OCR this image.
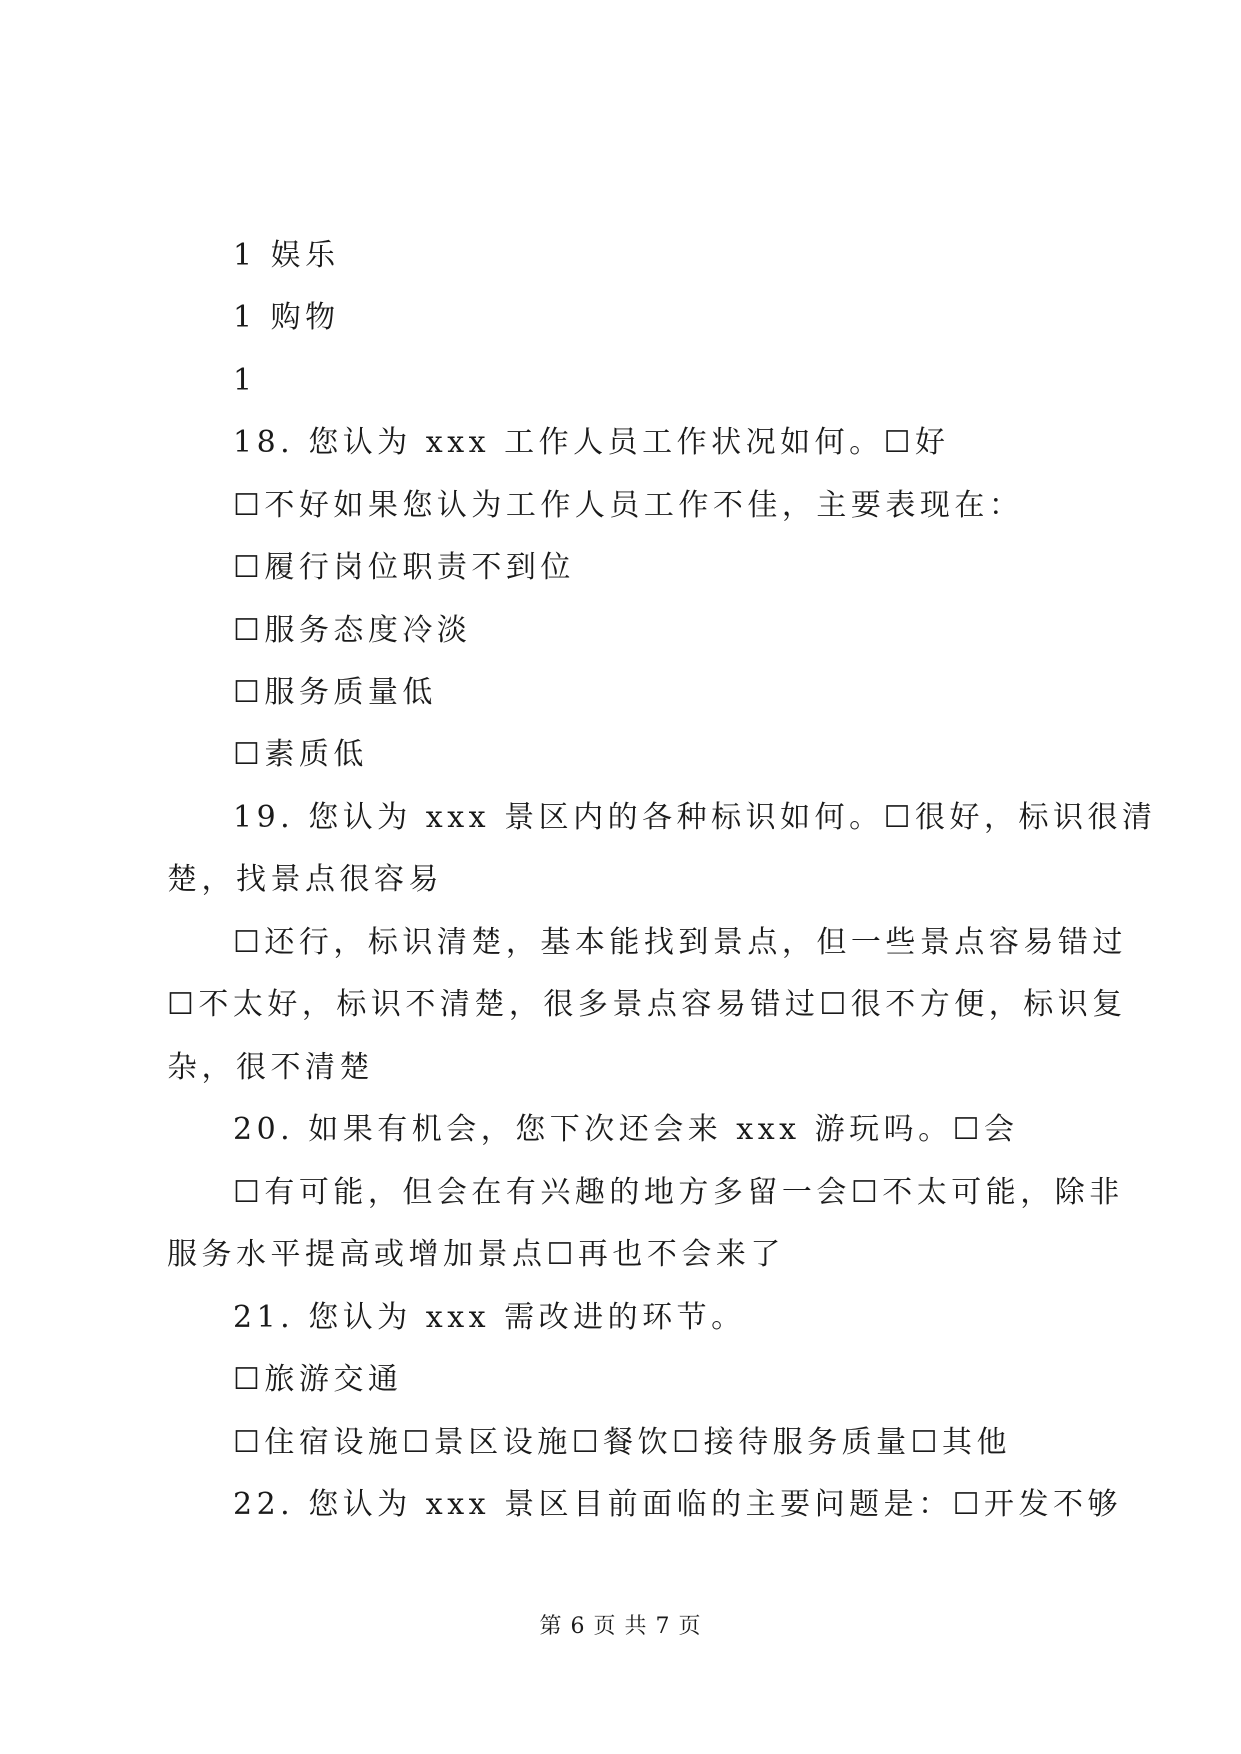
1 娱乐
1 购物
1
18. 您认为 xxx 工作人员工作状况如何。☐好
☐不好如果您认为工作人员工作不佳，主要表现在：
☐履行岗位职责不到位
☐服务态度冷淡
☐服务质量低
☐素质低
19. 您认为 xxx 景区内的各种标识如何。☐很好，标识很清
楚，找景点很容易
☐还行，标识清楚，基本能找到景点，但一些景点容易错过
☐不太好，标识不清楚，很多景点容易错过☐很不方便，标识复
杂，很不清楚
20. 如果有机会，您下次还会来 xxx 游玩吗。☐会
☐有可能，但会在有兴趣的地方多留一会☐不太可能，除非
服务水平提高或增加景点☐再也不会来了
21. 您认为 xxx 需改进的环节。
☐旅游交通
☐住宿设施☐景区设施☐餐饮☐接待服务质量☐其他
22. 您认为 xxx 景区目前面临的主要问题是：☐开发不够
第 6 页 共 7 页
